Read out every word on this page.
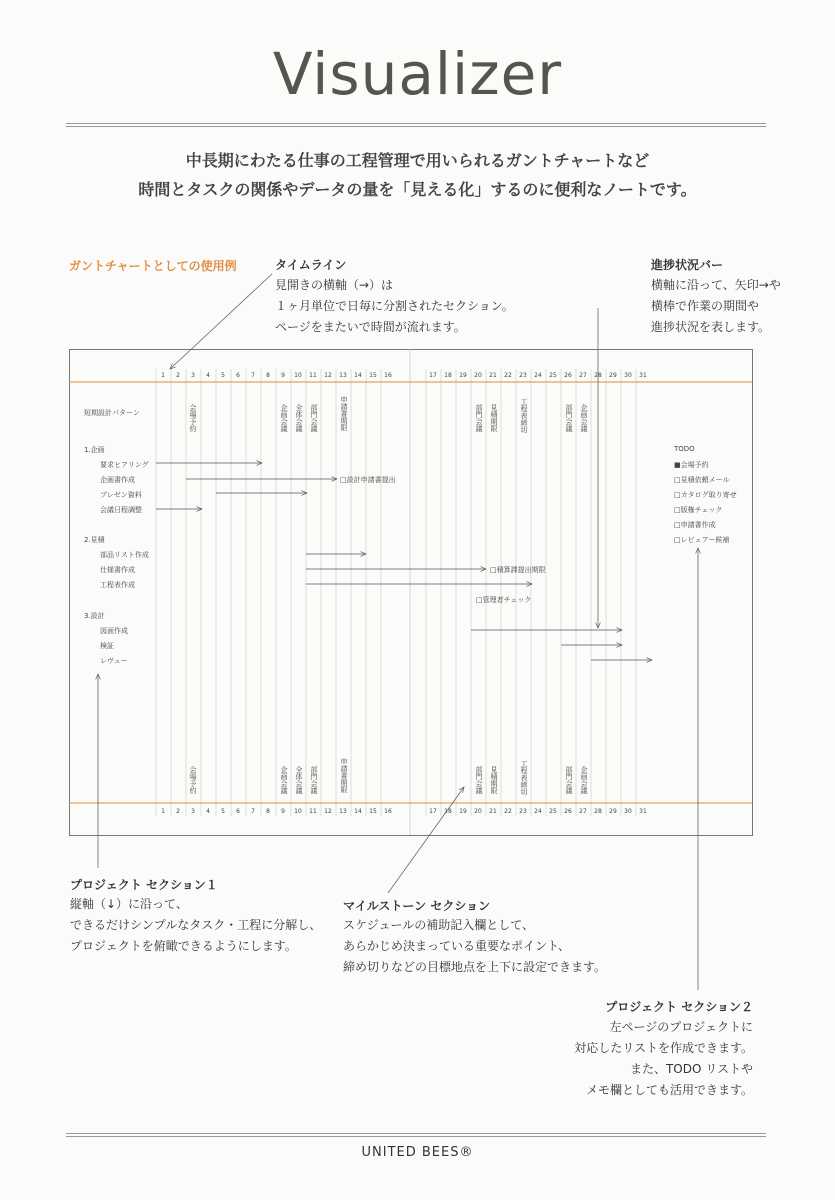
Visualizer
中長期にわたる仕事の工程管理で用いられるガントチャートなど
時間とタスクの関係やデータの量を「見える化」するのに便利なノートです。
ガントチャートとしての使用例	タイムライン
見開きの横軸（→）は
１ヶ月単位で日毎に分割されたセクション。
ページをまたいで時間が流れます。
進捗状況バー
横軸に沿って、矢印→や
横棒で作業の期間や
進捗状況を表します。
1	2	3	4	5	6	7	8	9	10	11	12	13	14	15	16	17	18	19	20	21	22	23	24	25	26	27	28	29	30	31
1	2	3	4	5	6	7	8	9	10	11	12	13	14	15	16	17	18	19	20	21	22	23	24	25	26	27	28	29	30	31
短期設計パターン	会場予約	企画会議 全体会議 部門会議	申請書期限	部門会議 見積期限	工程表締切	部門会議 企画会議
会場予約	企画会議 全体会議 部門会議	申請書期限	部門会議 見積期限	工程表締切	部門会議 企画会議
1.企画
要求ヒアリング
企画書作成
プレゼン資料
会議日程調整
2.見積
部品リスト作成
仕様書作成
工程表作成
3.設計
図面作成
検証
レヴュー
□設計申請書提出
□積算課提出期限
□管理者チェック
TODO
■会場予約
□見積依頼メール
□カタログ取り寄せ
□版権チェック
□申請書作成
□レビュアー候補
プロジェクト セクション１
縦軸（↓）に沿って、
できるだけシンプルなタスク・工程に分解し、
プロジェクトを俯瞰できるようにします。
マイルストーン セクション
スケジュールの補助記入欄として、
あらかじめ決まっている重要なポイント、
締め切りなどの目標地点を上下に設定できます。
プロジェクト セクション２
左ページのプロジェクトに
対応したリストを作成できます。
また、TODO リストや
メモ欄としても活用できます。
UNITED BEES®
